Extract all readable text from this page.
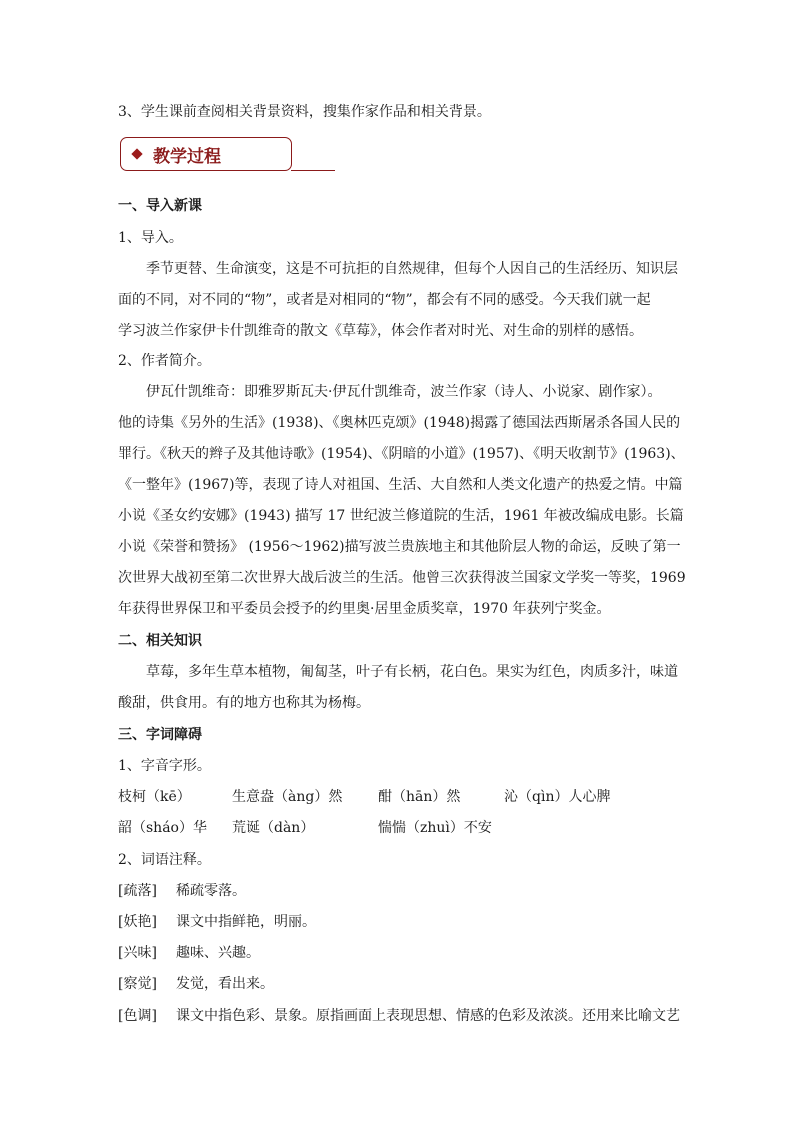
3、学生课前查阅相关背景资料，搜集作家作品和相关背景。
教学过程
一、导入新课
1、导入。
季节更替、生命演变，这是不可抗拒的自然规律，但每个人因自己的生活经历、知识层
面的不同，对不同的“物”，或者是对相同的“物”，都会有不同的感受。今天我们就一起
学习波兰作家伊卡什凯维奇的散文《草莓》，体会作者对时光、对生命的别样的感悟。
2、作者简介。
伊瓦什凯维奇：即雅罗斯瓦夫·伊瓦什凯维奇，波兰作家（诗人、小说家、剧作家）。
他的诗集《另外的生活》(1938)、《奥林匹克颂》(1948)揭露了德国法西斯屠杀各国人民的
罪行。《秋天的辫子及其他诗歌》(1954)、《阴暗的小道》(1957)、《明天收割节》(1963)、
《一整年》(1967)等，表现了诗人对祖国、生活、大自然和人类文化遗产的热爱之情。中篇
小说《圣女约安娜》(1943) 描写 17 世纪波兰修道院的生活，1961 年被改编成电影。长篇
小说《荣誉和赞扬》 (1956～1962)描写波兰贵族地主和其他阶层人物的命运，反映了第一
次世界大战初至第二次世界大战后波兰的生活。他曾三次获得波兰国家文学奖一等奖，1969
年获得世界保卫和平委员会授予的约里奥·居里金质奖章，1970 年获列宁奖金。
二、相关知识
草莓，多年生草本植物，匍匐茎，叶子有长柄，花白色。果实为红色，肉质多汁，味道
酸甜，供食用。有的地方也称其为杨梅。
三、字词障碍
1、字音字形。
枝柯（kē）	生意盎（àng）然	酣（hān）然	沁（qìn）人心脾
韶（sháo）华 荒诞（dàn）	惴惴（zhuì）不安
2、词语注释。
[疏落] 稀疏零落。
[妖艳] 课文中指鲜艳，明丽。
[兴味] 趣味、兴趣。
[察觉] 发觉，看出来。
[色调] 课文中指色彩、景象。原指画面上表现思想、情感的色彩及浓淡。还用来比喻文艺
